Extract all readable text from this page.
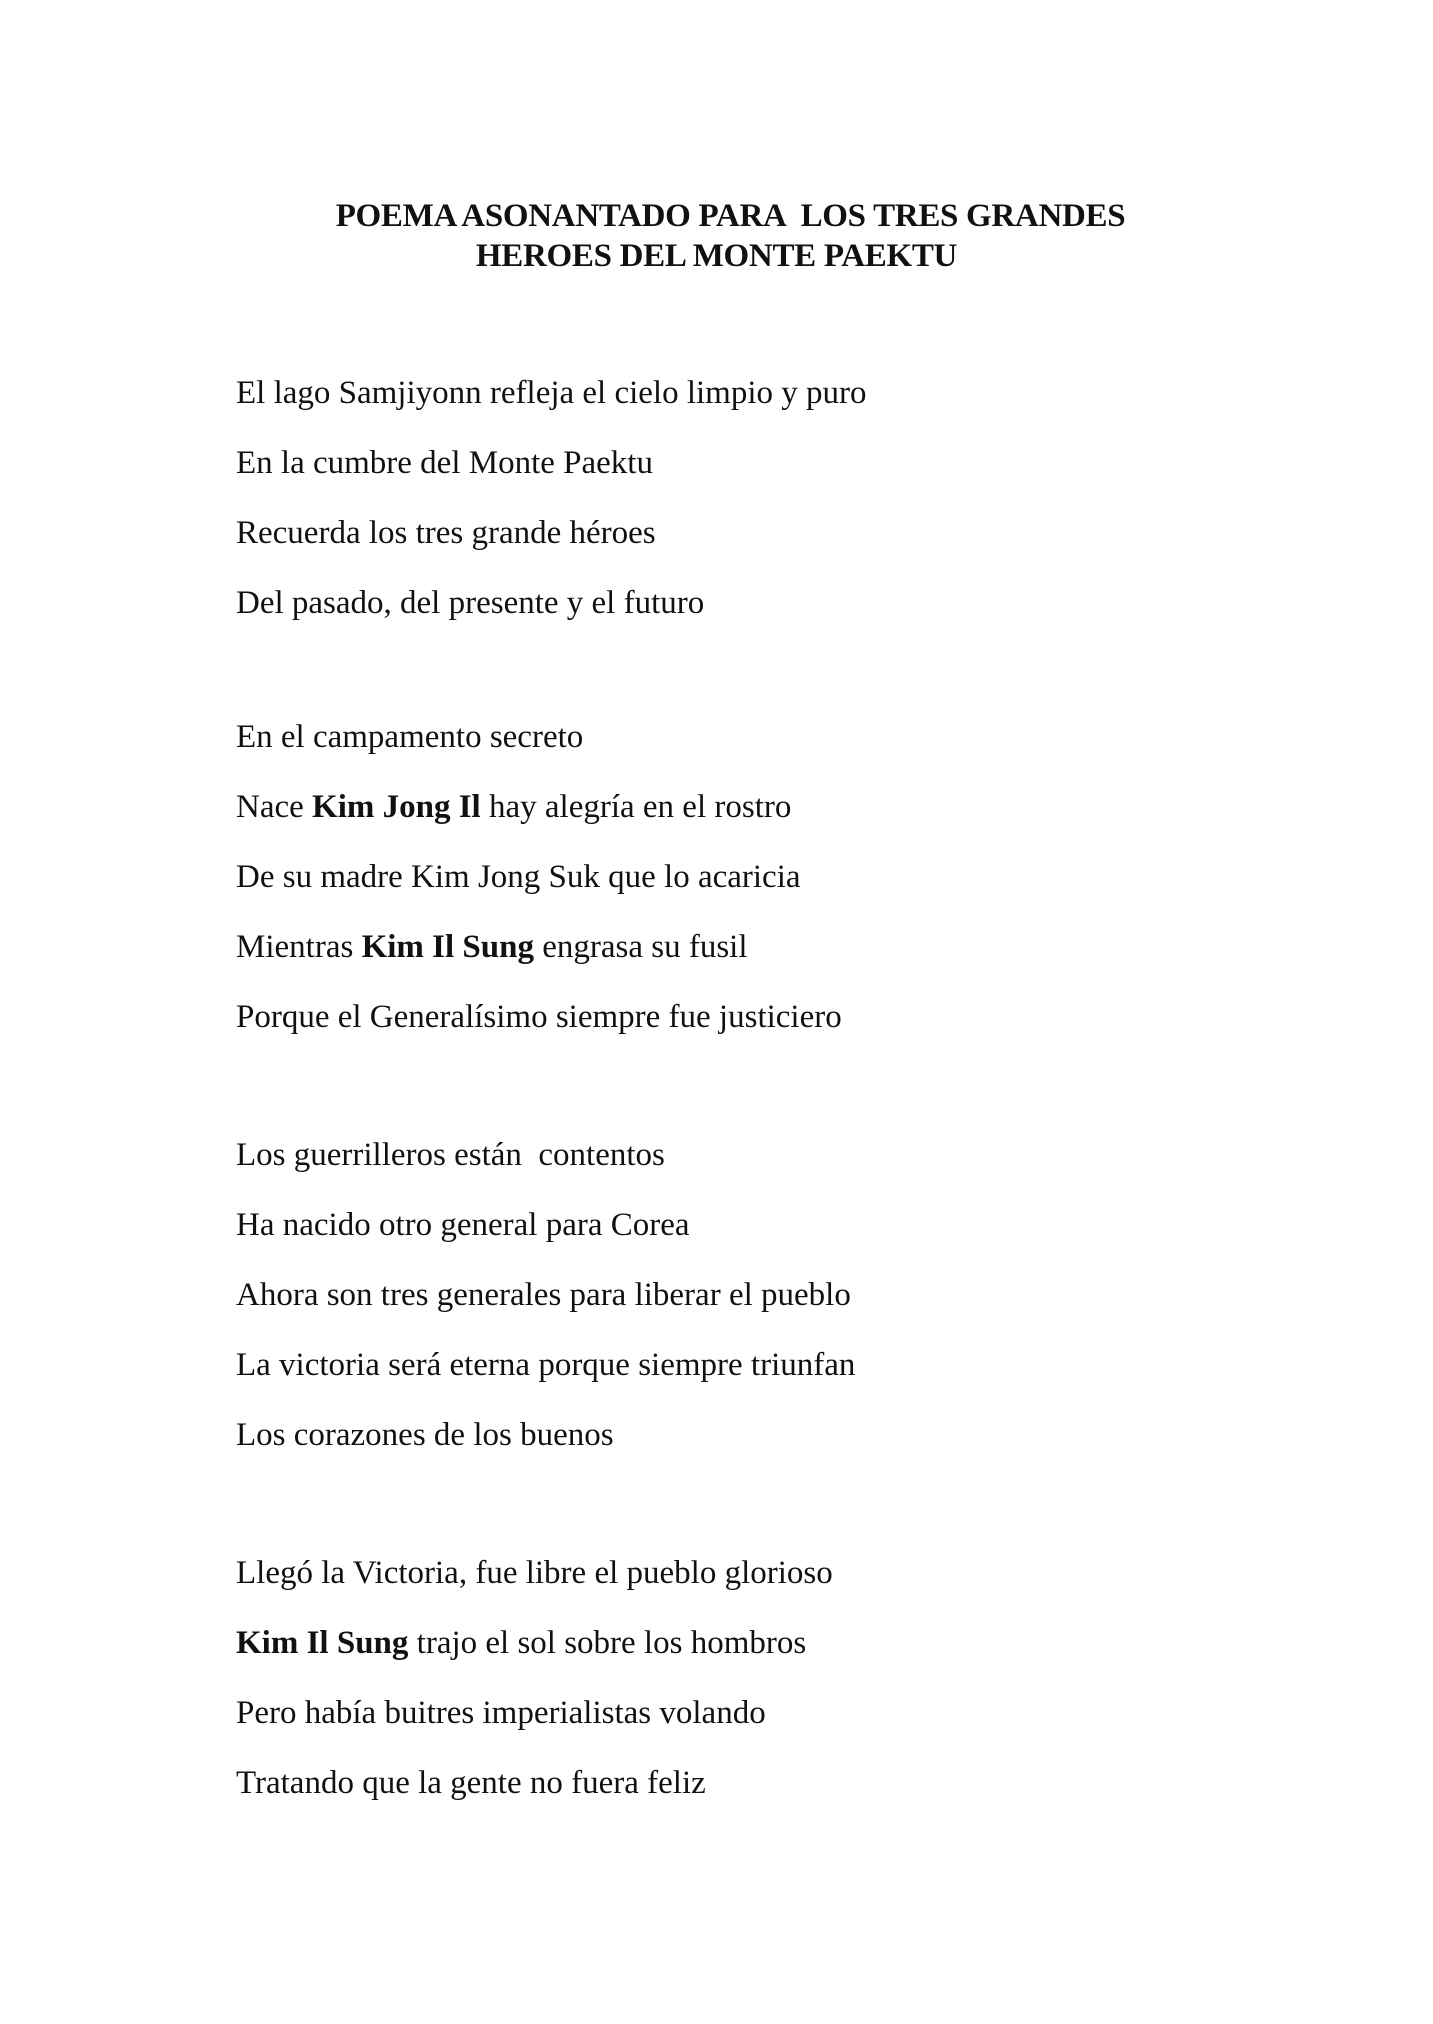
POEMA ASONANTADO PARA  LOS TRES GRANDES
HEROES DEL MONTE PAEKTU
El lago Samjiyonn refleja el cielo limpio y puro
En la cumbre del Monte Paektu
Recuerda los tres grande héroes
Del pasado, del presente y el futuro
En el campamento secreto
Nace Kim Jong Il hay alegría en el rostro
De su madre Kim Jong Suk que lo acaricia
Mientras Kim Il Sung engrasa su fusil
Porque el Generalísimo siempre fue justiciero
Los guerrilleros están  contentos
Ha nacido otro general para Corea
Ahora son tres generales para liberar el pueblo
La victoria será eterna porque siempre triunfan
Los corazones de los buenos
Llegó la Victoria, fue libre el pueblo glorioso
Kim Il Sung trajo el sol sobre los hombros
Pero había buitres imperialistas volando
Tratando que la gente no fuera feliz
